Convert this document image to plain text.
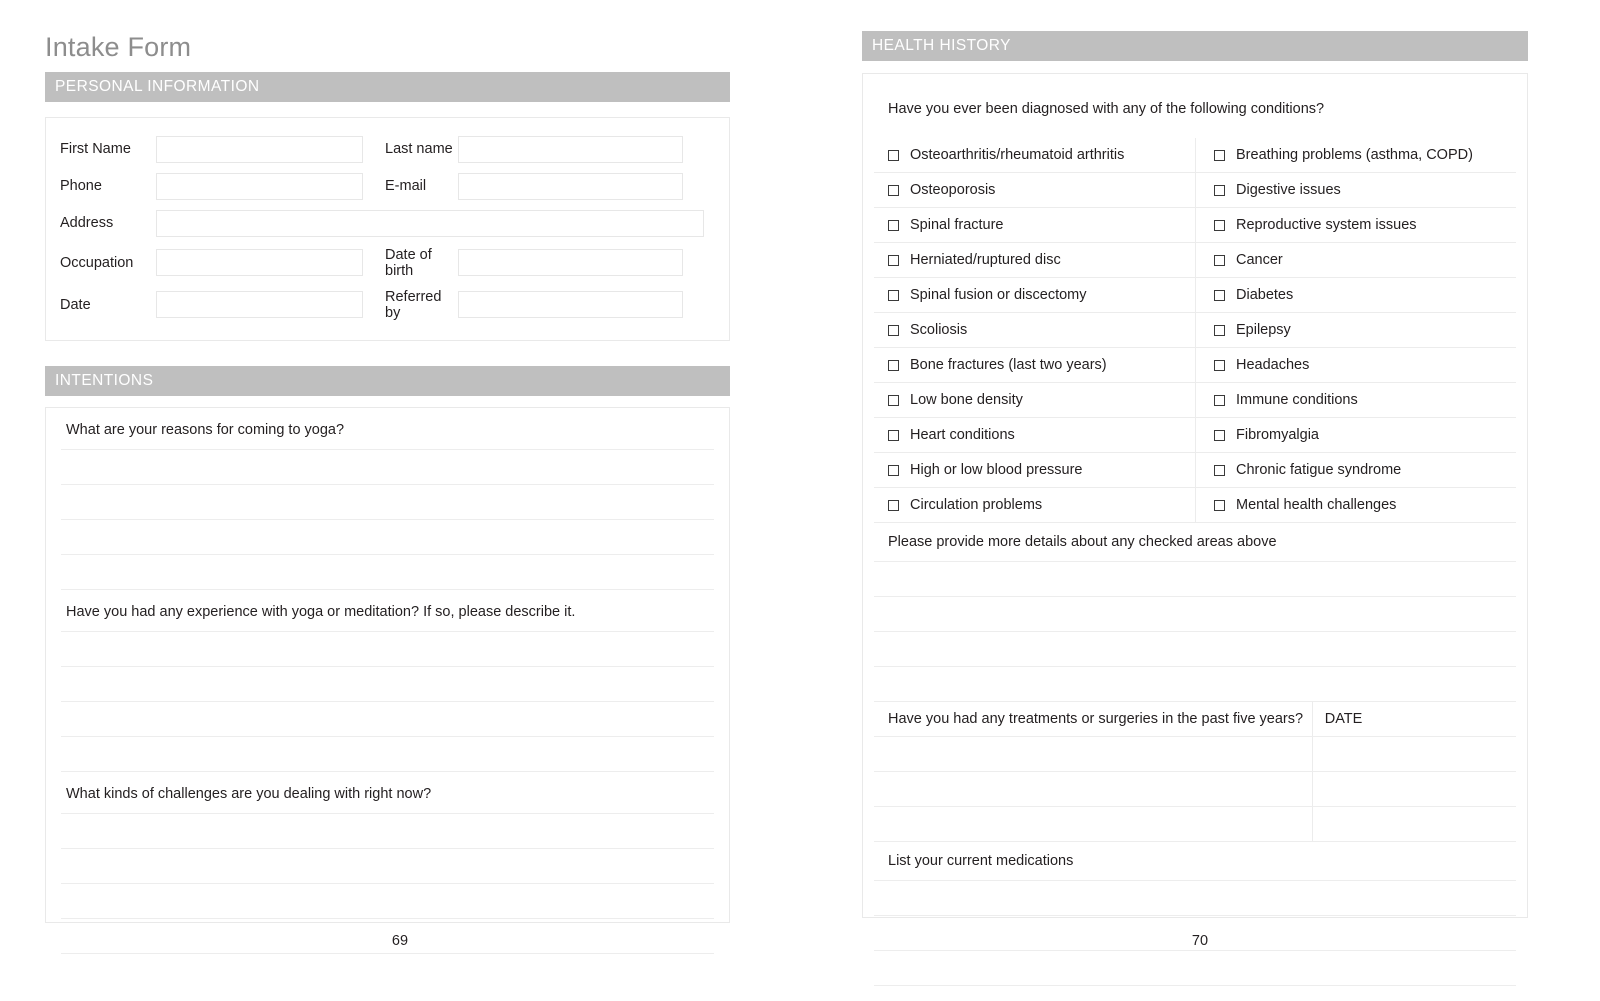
Intake Form
PERSONAL INFORMATION
First Name	Last name
Phone	E-mail
Address
Occupation	Date of birth
Date	Referred by
INTENTIONS
What are your reasons for coming to yoga?
Have you had any experience with yoga or meditation? If so, please describe it.
What kinds of challenges are you dealing with right now?
69
HEALTH HISTORY
Have you ever been diagnosed with any of the following conditions?
Osteoarthritis/rheumatoid arthritis	Breathing problems (asthma, COPD)

Osteoporosis	Digestive issues

Spinal fracture	Reproductive system issues

Herniated/ruptured disc	Cancer

Spinal fusion or discectomy	Diabetes

Scoliosis	Epilepsy

Bone fractures (last two years)	Headaches

Low bone density	Immune conditions

Heart conditions	Fibromyalgia

High or low blood pressure	Chronic fatigue syndrome

Circulation problems	Mental health challenges
Please provide more details about any checked areas above
Have you had any treatments or surgeries in the past five years?	DATE

List your current medications
70
